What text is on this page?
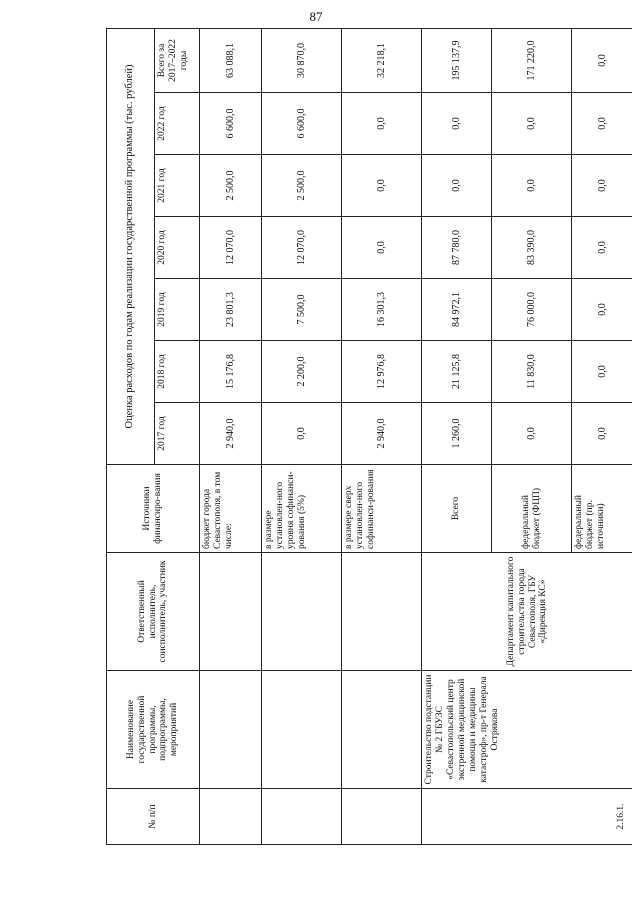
87
№ п/п	Наименование государственной программы, подпрограммы, мероприятий	Ответственный исполнитель, соисполнитель, участник	Источники финансиро-вания	Оценка расходов по годам реализации государственной программы (тыс. рублей)						
				2017 год	2018 год	2019 год	2020 год	2021 год	2022 год	Всего за 2017–2022 годы
			бюджет города Севастополя, в том числе:	2 940,0	15 176,8	23 801,3	12 070,0	2 500,0	6 600,0	63 088,1
			в размере установлен-ного уровня софинанси-рования (5%)	0,0	2 200,0	7 500,0	12 070,0	2 500,0	6 600,0	30 870,0
			в размере сверх установлен-ного софинанси-рования	2 940,0	12 976,8	16 301,3	0,0	0,0	0,0	32 218,1
2.16.1.	Строительство подстанции № 2 ГБУЗС «Севастопольский центр экстренной медицинской помощи и медицины катастроф», пр-т Генерала Острякова	Департамент капитального строительства города Севастополя, ГБУ «Дирекция КС»	Всего	1 260,0	21 125,8	84 972,1	87 780,0	0,0	0,0	195 137,9
			федеральный бюджет (ФЦП)	0,0	11 830,0	76 000,0	83 390,0	0,0	0,0	171 220,0
			федеральный бюджет (пр. источники)	0,0	0,0	0,0	0,0	0,0	0,0	0,0
